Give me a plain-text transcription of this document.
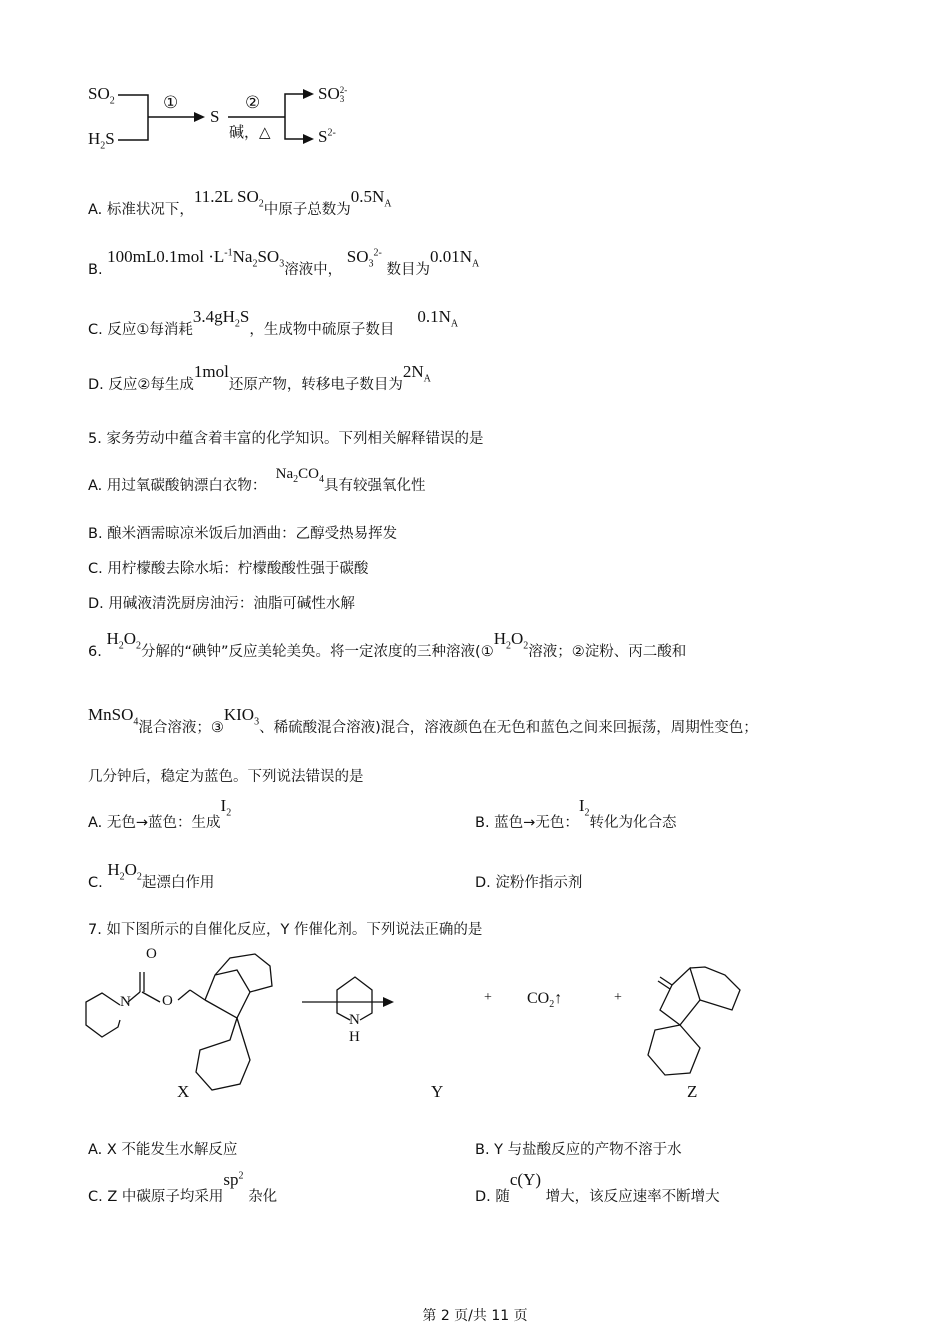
$SO_2$
$H_2S$
①
S
②
碱，△
SO2-
3
$S^{2-}$
A. 标准状况下，11.2L $SO_2$中原子总数为$0.5N_A$
B. $100mL0.1mol \cdot L^{-1}Na_2SO_3$溶液中， $SO_3^{2-}$ 数目为$0.01N_A$
C. 反应①每消耗$3.4gH_2S$，生成物中硫原子数目     $0.1N_A$
D. 反应②每生成1mol还原产物，转移电子数目为$2N_A$
5. 家务劳动中蕴含着丰富的化学知识。下列相关解释错误的是
A. 用过氧碳酸钠漂白衣物：  $Na_2CO_4$具有较强氧化性
B. 酿米酒需晾凉米饭后加酒曲：乙醇受热易挥发
C. 用柠檬酸去除水垢：柠檬酸酸性强于碳酸
D. 用碱液清洗厨房油污：油脂可碱性水解
6. $H_2O_2$分解的“碘钟”反应美轮美奂。将一定浓度的三种溶液($①H_2O_2$溶液；②淀粉、丙二酸和
MnSO$_4$混合溶液；$③KIO_3$、稀硫酸混合溶液)混合，溶液颜色在无色和蓝色之间来回振荡，周期性变色；
几分钟后，稳定为蓝色。下列说法错误的是
A. 无色→蓝色：生成$I_2$
B. 蓝色→无色：$I_2$转化为化合态
C. $H_2O_2$起漂白作用	D. 淀粉作指示剂
7. 如下图所示的自催化反应，Y 作催化剂。下列说法正确的是
O
N O
N
H
+ $CO_2↑$	+
X	Y	Z
A. X 不能发生水解反应	B. Y 与盐酸反应的产物不溶于水
C. Z 中碳原子均采用$sp^2$ 杂化	D. 随c(Y) 增大，该反应速率不断增大
第 2 页/共 11 页
